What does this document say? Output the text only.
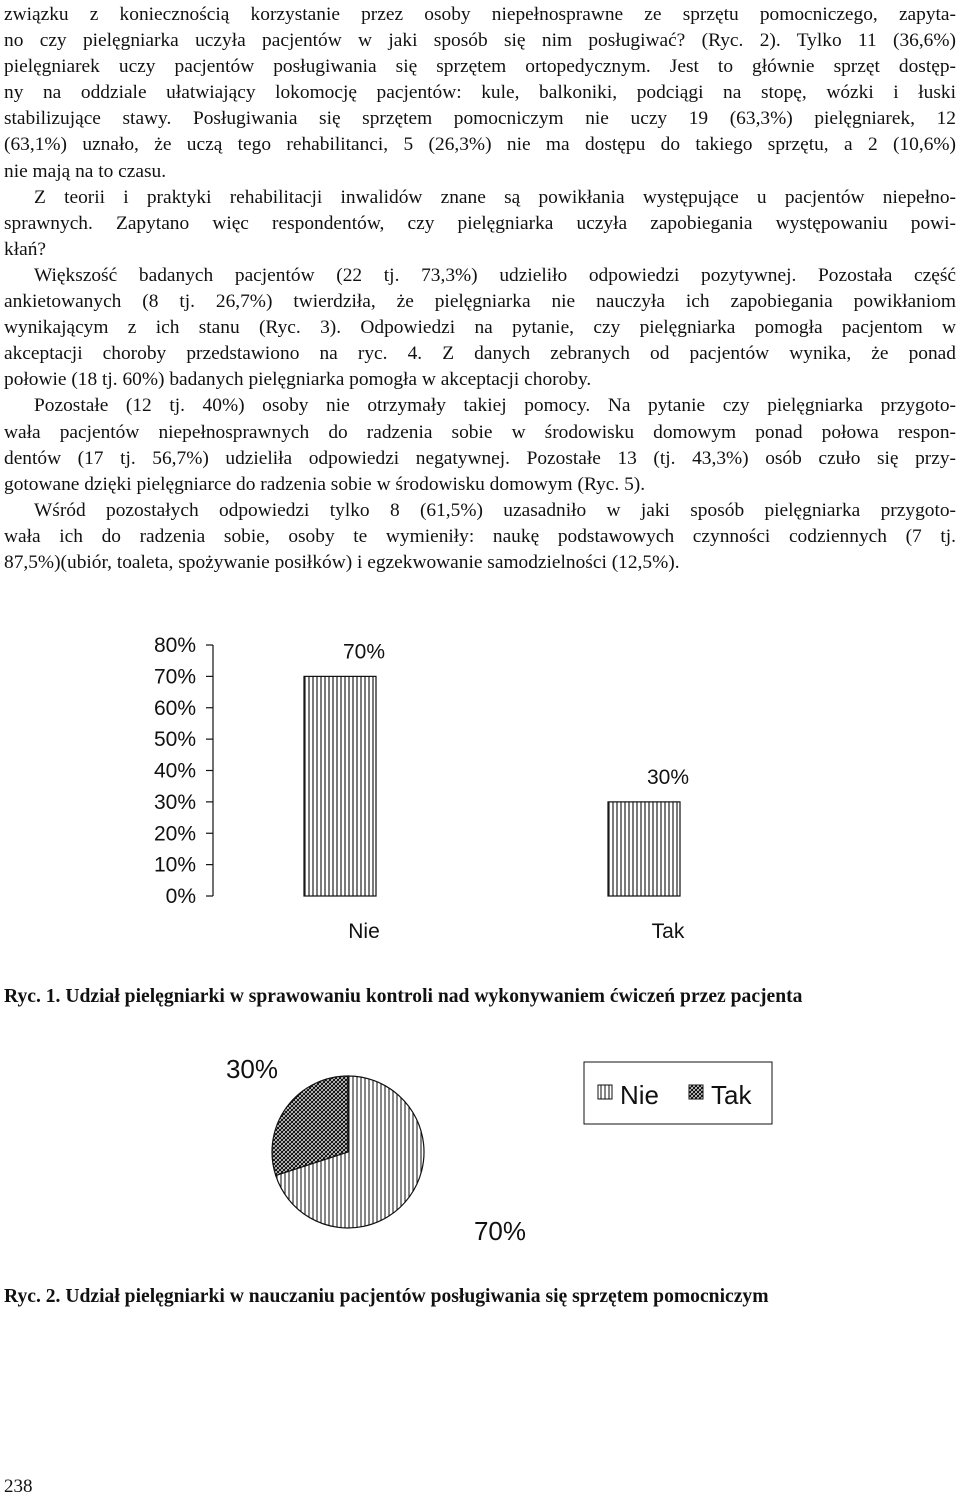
związku z koniecznością korzystanie przez osoby niepełnosprawne ze sprzętu pomocniczego, zapyta-
no czy pielęgniarka uczyła pacjentów w jaki sposób się nim posługiwać? (Ryc. 2). Tylko 11 (36,6%)
pielęgniarek uczy pacjentów posługiwania się sprzętem ortopedycznym. Jest to głównie sprzęt dostęp-
ny na oddziale ułatwiający lokomocję pacjentów: kule, balkoniki, podciągi na stopę, wózki i łuski
stabilizujące stawy. Posługiwania się sprzętem pomocniczym nie uczy 19 (63,3%) pielęgniarek, 12
(63,1%) uznało, że uczą tego rehabilitanci, 5 (26,3%) nie ma dostępu do takiego sprzętu, a 2 (10,6%)
nie mają na to czasu.
Z teorii i praktyki rehabilitacji inwalidów znane są powikłania występujące u pacjentów niepełno-
sprawnych. Zapytano więc respondentów, czy pielęgniarka uczyła zapobiegania występowaniu powi-
kłań?
Większość badanych pacjentów (22 tj. 73,3%) udzieliło odpowiedzi pozytywnej. Pozostała część
ankietowanych (8 tj. 26,7%) twierdziła, że pielęgniarka nie nauczyła ich zapobiegania powikłaniom
wynikającym z ich stanu (Ryc. 3). Odpowiedzi na pytanie, czy pielęgniarka pomogła pacjentom w
akceptacji choroby przedstawiono na ryc. 4. Z danych zebranych od pacjentów wynika, że ponad
połowie (18 tj. 60%) badanych pielęgniarka pomogła w akceptacji choroby.
Pozostałe (12 tj. 40%) osoby nie otrzymały takiej pomocy. Na pytanie czy pielęgniarka przygoto-
wała pacjentów niepełnosprawnych do radzenia sobie w środowisku domowym ponad połowa respon-
dentów (17 tj. 56,7%) udzieliła odpowiedzi negatywnej. Pozostałe 13 (tj. 43,3%) osób czuło się przy-
gotowane dzięki pielęgniarce do radzenia sobie w środowisku domowym (Ryc. 5).
Wśród pozostałych odpowiedzi tylko 8 (61,5%) uzasadniło w jaki sposób pielęgniarka przygoto-
wała ich do radzenia sobie, osoby te wymieniły: naukę podstawowych czynności codziennych (7 tj.
87,5%)(ubiór, toaleta, spożywanie posiłków) i egzekwowanie samodzielności (12,5%).
0%
10%
20%
30%
40%
50%
60%
70%
80%	70%
Nie
30%
Tak
Ryc. 1. Udział pielęgniarki w sprawowaniu kontroli nad wykonywaniem ćwiczeń przez pacjenta
30%
70%
Nie Tak
Ryc. 2. Udział pielęgniarki w nauczaniu pacjentów posługiwania się sprzętem pomocniczym
238
